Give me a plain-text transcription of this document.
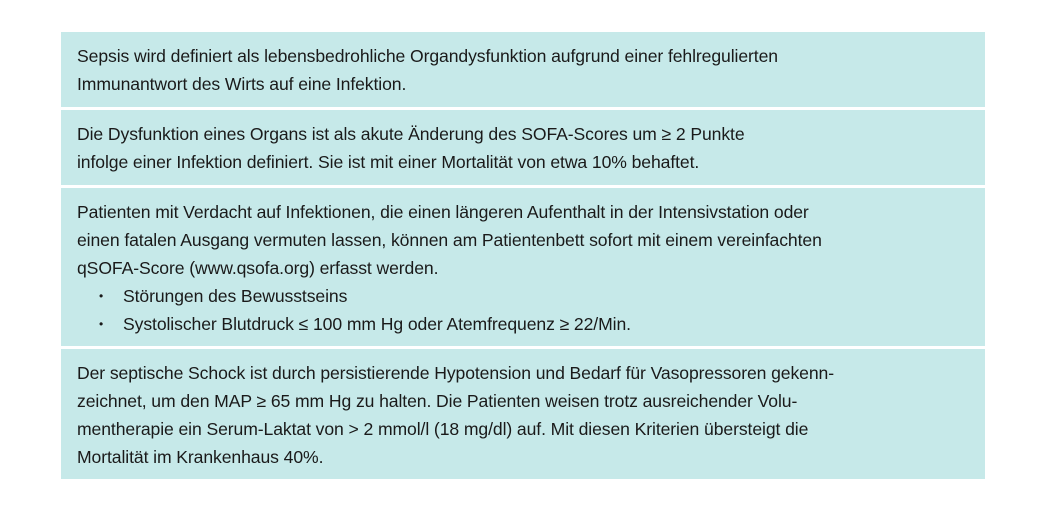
Sepsis wird definiert als lebensbedrohliche Organdysfunktion aufgrund einer fehlregulierten

Immunantwort des Wirts auf eine Infektion.

Die Dysfunktion eines Organs ist als akute Änderung des SOFA-Scores um ≥ 2 Punkte

infolge einer Infektion definiert. Sie ist mit einer Mortalität von etwa 10% behaftet.

Patienten mit Verdacht auf Infektionen, die einen längeren Aufenthalt in der Intensivstation oder

einen fatalen Ausgang vermuten lassen, können am Patientenbett sofort mit einem vereinfachten

qSOFA-Score (www.qsofa.org) erfasst werden.

• Störungen des Bewusstseins
• Systolischer Blutdruck ≤ 100 mm Hg oder Atemfrequenz ≥ 22/Min.

Der septische Schock ist durch persistierende Hypotension und Bedarf für Vasopressoren gekenn-

zeichnet, um den MAP ≥ 65 mm Hg zu halten. Die Patienten weisen trotz ausreichender Volu-

mentherapie ein Serum-Laktat von > 2 mmol/l (18 mg/dl) auf. Mit diesen Kriterien übersteigt die

Mortalität im Krankenhaus 40%.
